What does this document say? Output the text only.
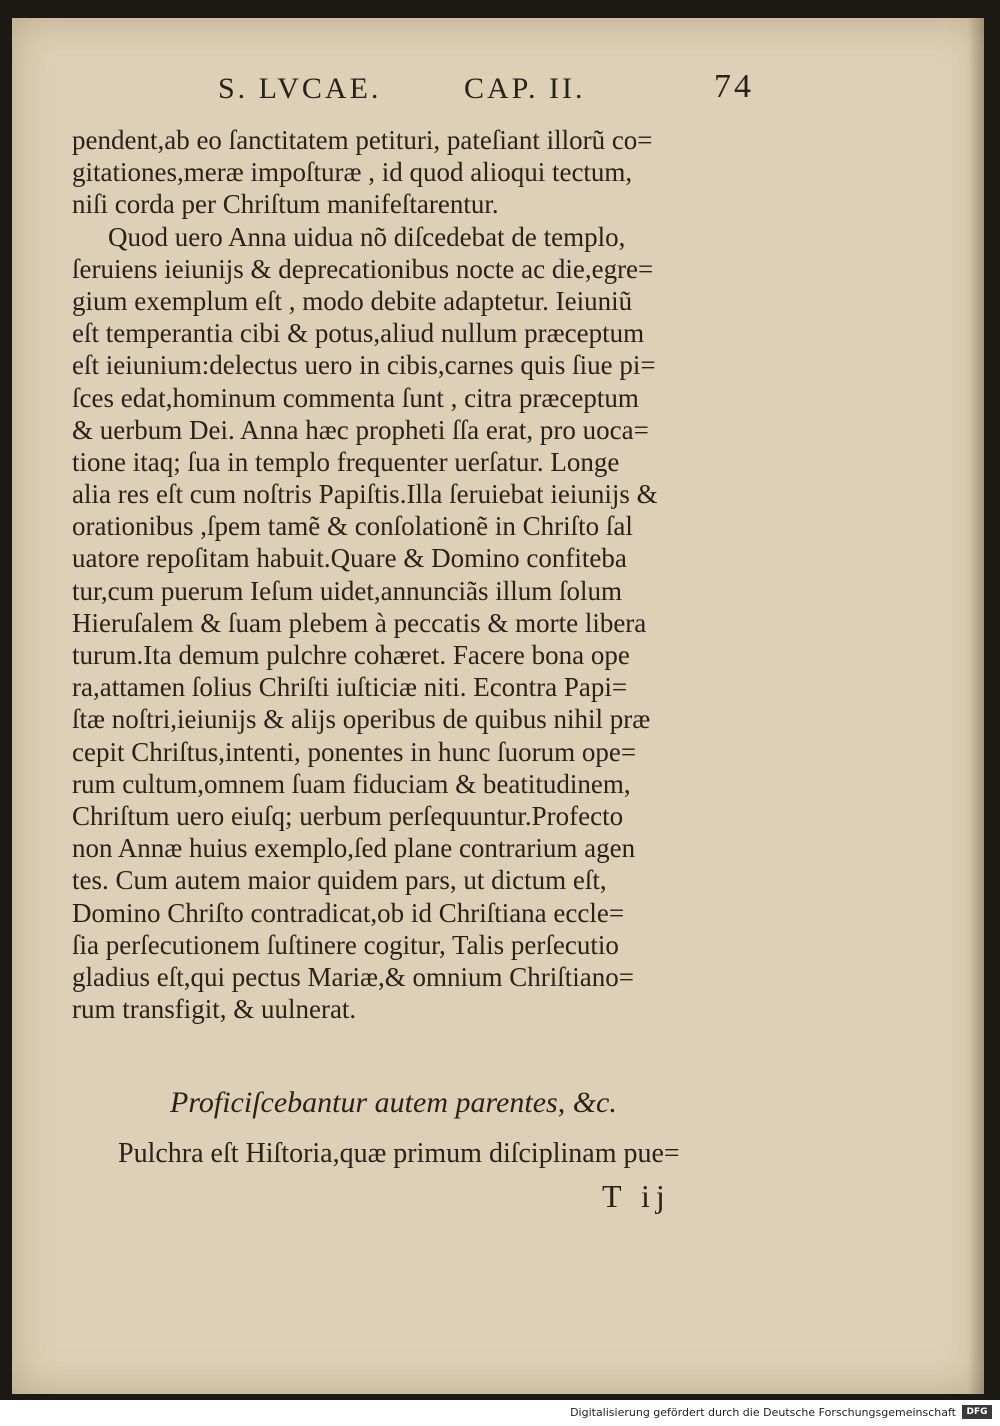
S. LVCAE.	CAP. II.	74
pendent,ab eo ſanctitatem petituri, pateſiant illorũ co=
gitationes,meræ impoſturæ , id quod alioqui tectum,
niſi corda per Chriſtum manifeſtarentur.
Quod uero Anna uidua nõ diſcedebat de templo,
ſeruiens ieiunijs & deprecationibus nocte ac die,egre=
gium exemplum eſt , modo debite adaptetur. Ieiuniũ
eſt temperantia cibi & potus,aliud nullum præceptum
eſt ieiunium:delectus uero in cibis,carnes quis ſiue pi=
ſces edat,hominum commenta ſunt , citra præceptum
& uerbum Dei. Anna hæc propheti ſſa erat, pro uoca=
tione itaq; ſua in templo frequenter uerſatur. Longe
alia res eſt cum noſtris Papiſtis.Illa ſeruiebat ieiunijs &
orationibus ,ſpem tamẽ & conſolationẽ in Chriſto ſal
uatore repoſitam habuit.Quare & Domino confiteba
tur,cum puerum Ieſum uidet,annunciãs illum ſolum
Hieruſalem & ſuam plebem à peccatis & morte libera
turum.Ita demum pulchre cohæret. Facere bona ope
ra,attamen ſolius Chriſti iuſticiæ niti. Econtra Papi=
ſtæ noſtri,ieiunijs & alijs operibus de quibus nihil præ
cepit Chriſtus,intenti, ponentes in hunc ſuorum ope=
rum cultum,omnem ſuam fiduciam & beatitudinem,
Chriſtum uero eiuſq; uerbum perſequuntur.Profecto
non Annæ huius exemplo,ſed plane contrarium agen
tes. Cum autem maior quidem pars, ut dictum eſt,
Domino Chriſto contradicat,ob id Chriſtiana eccle=
ſia perſecutionem ſuſtinere cogitur, Talis perſecutio
gladius eſt,qui pectus Mariæ,& omnium Chriſtiano=
rum transfigit, & uulnerat.
Proficiſcebantur autem parentes, &c.
Pulchra eſt Hiſtoria,quæ primum diſciplinam pue=
T ij
Digitalisierung gefördert durch die Deutsche Forschungsgemeinschaft	DFG
